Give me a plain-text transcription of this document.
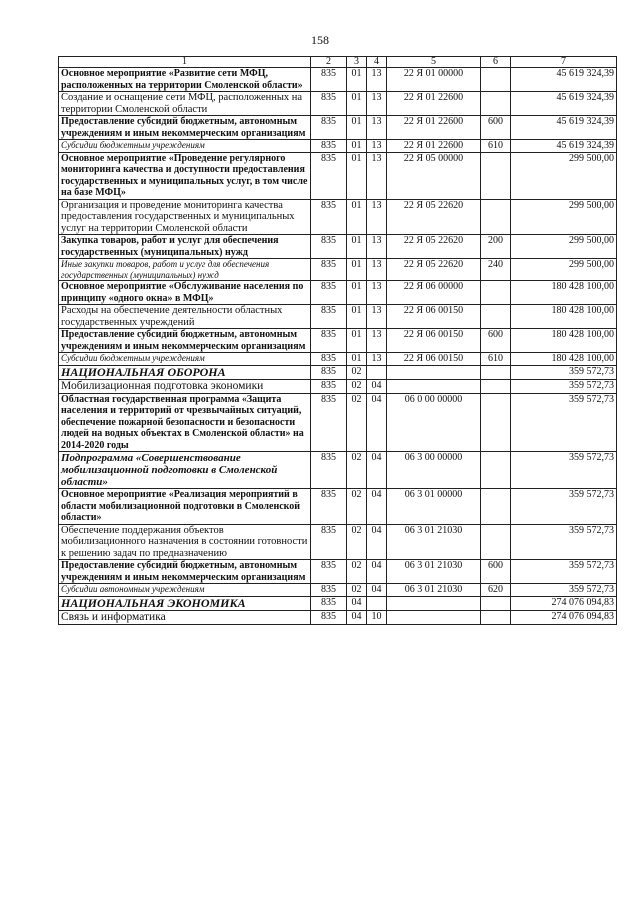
158
1	2	3	4	5	6	7
Основное мероприятие «Развитие сети МФЦ, расположенных на территории Смоленской области»	835	01	13	22 Я 01 00000		45 619 324,39
Создание и оснащение сети МФЦ, расположенных на территории Смоленской области	835	01	13	22 Я 01 22600		45 619 324,39
Предоставление субсидий бюджетным, автономным учреждениям и иным некоммерческим организациям	835	01	13	22 Я 01 22600	600	45 619 324,39
Субсидии бюджетным учреждениям	835	01	13	22 Я 01 22600	610	45 619 324,39
Основное мероприятие «Проведение регулярного мониторинга качества и доступности предоставления государственных и муниципальных услуг, в том числе на базе МФЦ»	835	01	13	22 Я 05 00000		299 500,00
Организация и проведение мониторинга качества предоставления государственных и муниципальных услуг на территории Смоленской области	835	01	13	22 Я 05 22620		299 500,00
Закупка товаров, работ и услуг для обеспечения государственных (муниципальных) нужд	835	01	13	22 Я 05 22620	200	299 500,00
Иные закупки товаров, работ и услуг для обеспечения государственных (муниципальных) нужд	835	01	13	22 Я 05 22620	240	299 500,00
Основное мероприятие «Обслуживание населения по принципу «одного окна» в МФЦ»	835	01	13	22 Я 06 00000		180 428 100,00
Расходы на обеспечение деятельности областных государственных учреждений	835	01	13	22 Я 06 00150		180 428 100,00
Предоставление субсидий бюджетным, автономным учреждениям и иным некоммерческим организациям	835	01	13	22 Я 06 00150	600	180 428 100,00
Субсидии бюджетным учреждениям	835	01	13	22 Я 06 00150	610	180 428 100,00
НАЦИОНАЛЬНАЯ ОБОРОНА	835	02				359 572,73
Мобилизационная подготовка экономики	835	02	04			359 572,73
Областная государственная программа «Защита населения и территорий от чрезвычайных ситуаций, обеспечение пожарной безопасности и безопасности людей на водных объектах в Смоленской области» на 2014-2020 годы	835	02	04	06 0 00 00000		359 572,73
Подпрограмма «Совершенствование мобилизационной подготовки в Смоленской области»	835	02	04	06 3 00 00000		359 572,73
Основное мероприятие «Реализация мероприятий в области мобилизационной подготовки в Смоленской области»	835	02	04	06 3 01 00000		359 572,73
Обеспечение поддержания объектов мобилизационного назначения в состоянии готовности к решению задач по предназначению	835	02	04	06 3 01 21030		359 572,73
Предоставление субсидий бюджетным, автономным учреждениям и иным некоммерческим организациям	835	02	04	06 3 01 21030	600	359 572,73
Субсидии автономным учреждениям	835	02	04	06 3 01 21030	620	359 572,73
НАЦИОНАЛЬНАЯ ЭКОНОМИКА	835	04				274 076 094,83
Связь и информатика	835	04	10			274 076 094,83
